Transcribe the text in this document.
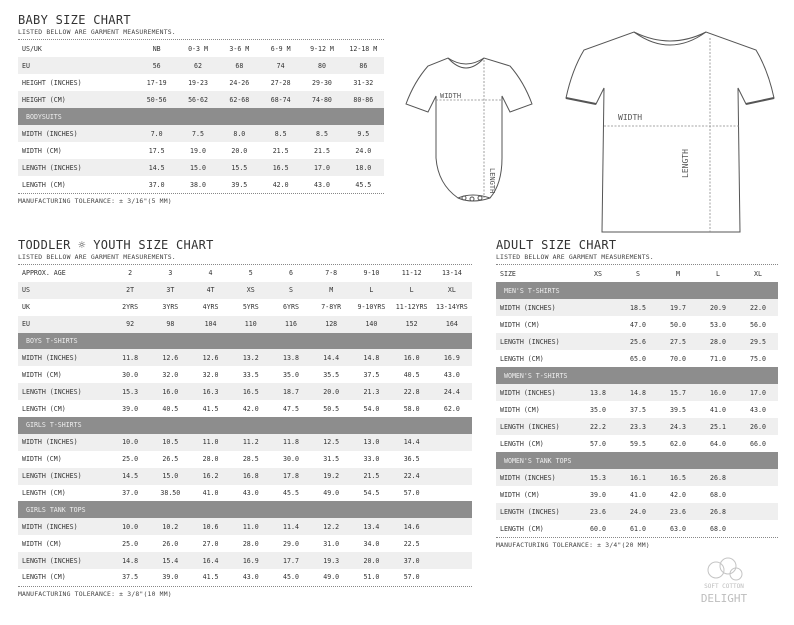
BABY SIZE CHART
LISTED BELLOW ARE GARMENT MEASUREMENTS.
US/UK	NB	0-3 M	3-6 M	6-9 M	9-12 M	12-18 M
EU	56	62	68	74	80	86
HEIGHT (INCHES)	17-19	19-23	24-26	27-28	29-30	31-32
HEIGHT (CM)	50-56	56-62	62-68	68-74	74-80	80-86
BODYSUITS						
WIDTH (INCHES)	7.0	7.5	8.0	8.5	8.5	9.5
WIDTH (CM)	17.5	19.0	20.0	21.5	21.5	24.0
LENGTH (INCHES)	14.5	15.0	15.5	16.5	17.0	18.0
LENGTH (CM)	37.0	38.0	39.5	42.0	43.0	45.5
MANUFACTURING TOLERANCE: ± 3/16"(5 MM)
TODDLER ☼ YOUTH SIZE CHART
LISTED BELLOW ARE GARMENT MEASUREMENTS.
APPROX. AGE	2	3	4	5	6	7-8	9-10	11-12	13-14
US	2T	3T	4T	XS	S	M	L	L	XL
UK	2YRS	3YRS	4YRS	5YRS	6YRS	7-8YR	9-10YRS	11-12YRS	13-14YRS
EU	92	98	104	110	116	128	140	152	164
BOYS T-SHIRTS									
WIDTH (INCHES)	11.8	12.6	12.6	13.2	13.8	14.4	14.8	16.0	16.9
WIDTH (CM)	30.0	32.0	32.0	33.5	35.0	35.5	37.5	40.5	43.0
LENGTH (INCHES)	15.3	16.0	16.3	16.5	18.7	20.0	21.3	22.8	24.4
LENGTH (CM)	39.0	40.5	41.5	42.0	47.5	50.5	54.0	58.0	62.0
GIRLS T-SHIRTS									
WIDTH (INCHES)	10.0	10.5	11.0	11.2	11.8	12.5	13.0	14.4	
WIDTH (CM)	25.0	26.5	28.0	28.5	30.0	31.5	33.0	36.5	
LENGTH (INCHES)	14.5	15.0	16.2	16.8	17.8	19.2	21.5	22.4	
LENGTH (CM)	37.0	38.50	41.0	43.0	45.5	49.0	54.5	57.0	
GIRLS TANK TOPS									
WIDTH (INCHES)	10.0	10.2	10.6	11.0	11.4	12.2	13.4	14.6	
WIDTH (CM)	25.0	26.0	27.0	28.0	29.0	31.0	34.0	22.5	
LENGTH (INCHES)	14.8	15.4	16.4	16.9	17.7	19.3	20.0	37.0	
LENGTH (CM)	37.5	39.0	41.5	43.0	45.0	49.0	51.0	57.0	
MANUFACTURING TOLERANCE: ± 3/8"(10 MM)
ADULT SIZE CHART
LISTED BELLOW ARE GARMENT MEASUREMENTS.
SIZE	XS	S	M	L	XL
MEN'S T-SHIRTS					
WIDTH (INCHES)		18.5	19.7	20.9	22.0
WIDTH (CM)		47.0	50.0	53.0	56.0
LENGTH (INCHES)		25.6	27.5	28.0	29.5
LENGTH (CM)		65.0	70.0	71.0	75.0
WOMEN'S T-SHIRTS					
WIDTH (INCHES)	13.8	14.8	15.7	16.0	17.0
WIDTH (CM)	35.0	37.5	39.5	41.0	43.0
LENGTH (INCHES)	22.2	23.3	24.3	25.1	26.0
LENGTH (CM)	57.0	59.5	62.0	64.0	66.0
WOMEN'S TANK TOPS					
WIDTH (INCHES)	15.3	16.1	16.5	26.8	
WIDTH (CM)	39.0	41.0	42.0	68.0	
LENGTH (INCHES)	23.6	24.0	23.6	26.8	
LENGTH (CM)	60.0	61.0	63.0	68.0	
MANUFACTURING TOLERANCE: ± 3/4"(20 MM)
WIDTH
LENGTH
WIDTH
LENGTH
SOFT COTTON
DELIGHT
